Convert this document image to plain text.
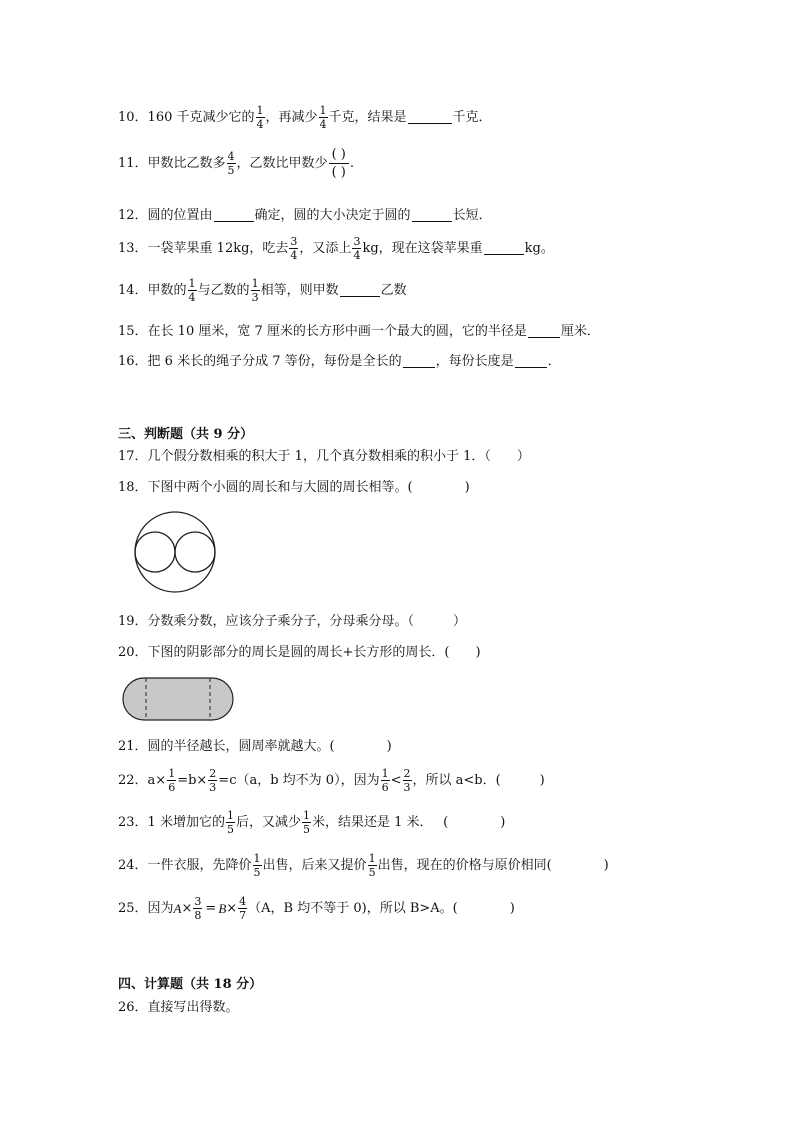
10．160 千克减少它的 $\frac{1}{4}$ ，再减少 $\frac{1}{4}$ 千克，结果是	千克．
11．甲数比乙数多 $\frac{4}{5}$ ，乙数比甲数少 $\frac{( )}{( )}$ .
12．圆的位置由	确定，圆的大小决定于圆的	长短．
13．一袋苹果重 12kg，吃去 $\frac{3}{4}$ ，又添上 $\frac{3}{4}$ kg，现在这袋苹果重	kg。
14．甲数的 $\frac{1}{4}$ 与乙数的 $\frac{1}{3}$ 相等，则甲数	乙数
15．在长 10 厘米，宽 7 厘米的长方形中画一个最大的圆，它的半径是	厘米．
16．把 6 米长的绳子分成 7 等份，每份是全长的	，每份长度是	．
三、判断题（共 9 分）
17．几个假分数相乘的积大于 1，几个真分数相乘的积小于 1．（　　）
18．下图中两个小圆的周长和与大圆的周长相等。(　　　　)
19．分数乘分数，应该分子乘分子，分母乘分母。（　　　）
20．下图的阴影部分的周长是圆的周长+长方形的周长．(　　)
21．圆的半径越长，圆周率就越大。(　　　　)
22．$a\times \frac{1}{6} =b\times \frac{2}{3} =c(a$，b 均不为 0），因为 $\frac{1}{6} < \frac{2}{3}$ ，所以 a<b．(　　　)
23．1 米增加它的 $\frac{1}{5}$ 后，又减少 $\frac{1}{5}$ 米，结果还是 1 米．　 (　　　　)
24．一件衣服，先降价 $\frac{1}{5}$ 出售，后来又提价 $\frac{1}{5}$ 出售，现在的价格与原价相同(　　　　)
25．因为 $A \times \frac{3}{8} = B \times \frac{4}{7} (A$，B 均不等于 0)，所以 B>A。(　　　　)
四、计算题（共 18 分）
26．直接写出得数。
